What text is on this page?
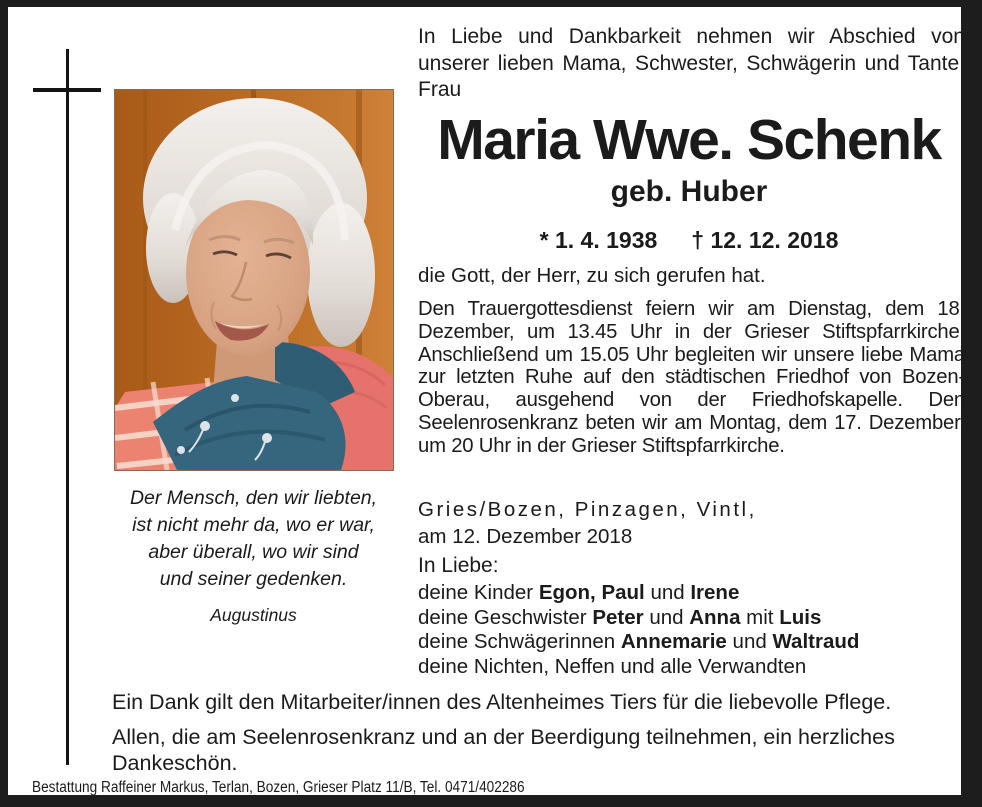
Der Mensch, den wir liebten,
ist nicht mehr da, wo er war,
aber überall, wo wir sind
und seiner gedenken.
Augustinus
In Liebe und Dankbarkeit nehmen wir Abschied von unserer lieben Mama, Schwester, Schwägerin und Tante, Frau
Maria Wwe. Schenk
geb. Huber
* 1. 4. 1938 † 12. 12. 2018
die Gott, der Herr, zu sich gerufen hat.
Den Trauergottesdienst feiern wir am Dienstag, dem 18. Dezember, um 13.45 Uhr in der Grieser Stiftspfarrkirche. Anschließend um 15.05 Uhr begleiten wir unsere liebe Mama zur letzten Ruhe auf den städtischen Friedhof von Bozen-Oberau, ausgehend von der Friedhofskapelle. Den Seelenrosenkranz beten wir am Montag, dem 17. Dezember, um 20 Uhr in der Grieser Stiftspfarrkirche.
Gries/Bozen, Pinzagen, Vintl,
am 12. Dezember 2018
In Liebe:
deine Kinder Egon, Paul und Irene
deine Geschwister Peter und Anna mit Luis
deine Schwägerinnen Annemarie und Waltraud
deine Nichten, Neffen und alle Verwandten
Ein Dank gilt den Mitarbeiter/innen des Altenheimes Tiers für die liebevolle Pflege.
Allen, die am Seelenrosenkranz und an der Beerdigung teilnehmen, ein herzliches Dankeschön.
Bestattung Raffeiner Markus, Terlan, Bozen, Grieser Platz 11/B, Tel. 0471/402286
